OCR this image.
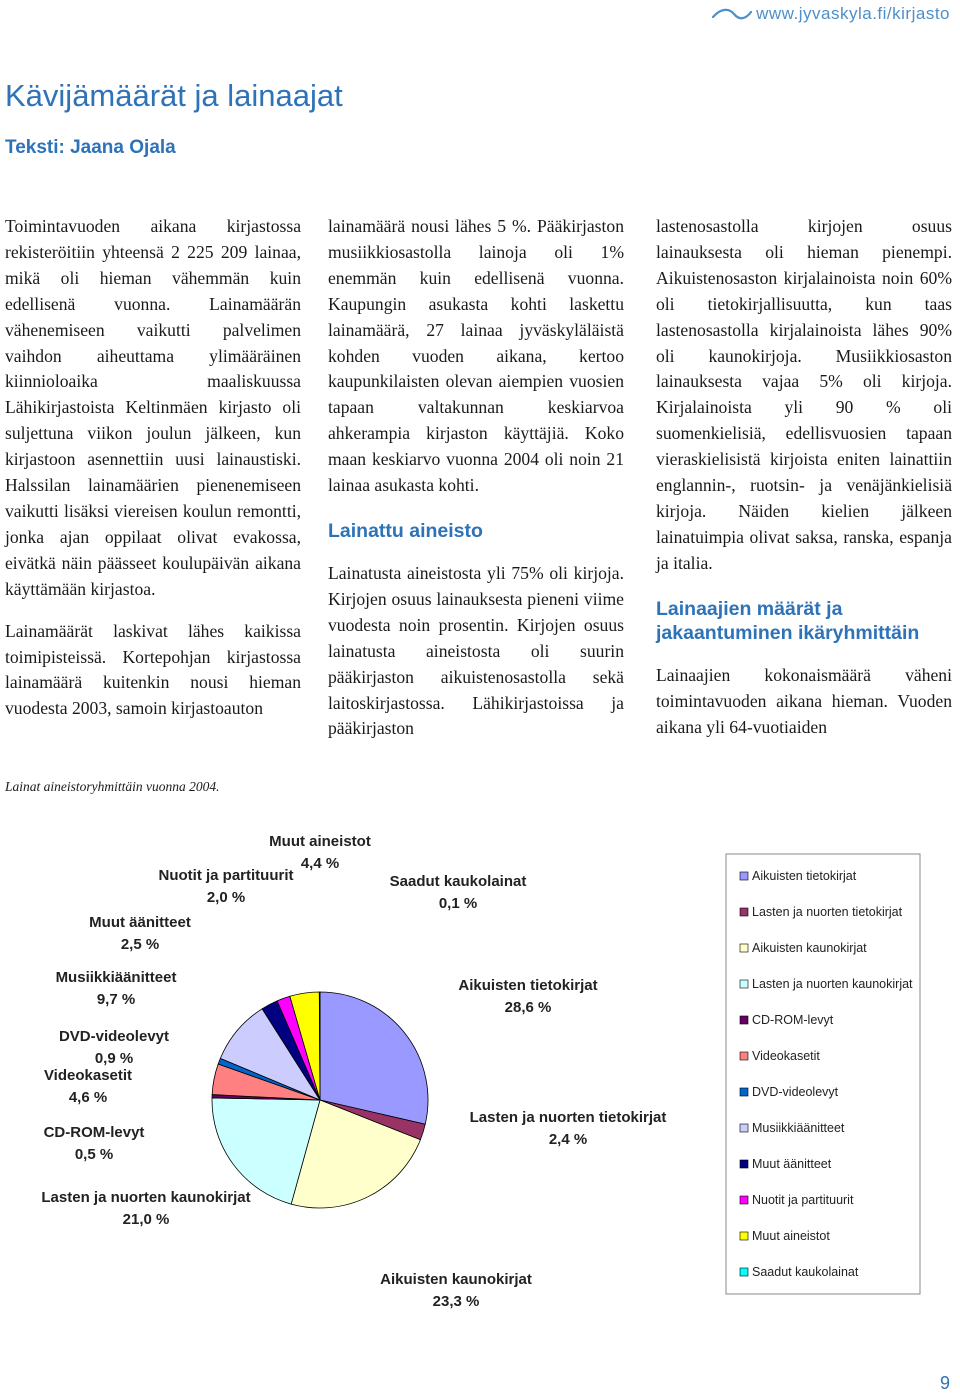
www.jyvaskyla.fi/kirjasto
Kävijämäärät ja lainaajat
Teksti: Jaana Ojala

Toimintavuoden aikana kirjastossa rekisteröitiin yhteensä 2 225 209 lainaa, mikä oli hieman vähemmän kuin edellisenä vuonna. Lainamäärän vähenemiseen vaikutti palvelimen vaihdon aiheuttama ylimääräinen kiinnioloaika maaliskuussa Lähikirjastoista Keltinmäen kirjasto oli suljettuna viikon joulun jälkeen, kun kirjastoon asennettiin uusi lainaustiski. Halssilan lainamäärien pienenemiseen vaikutti lisäksi viereisen koulun remontti, jonka ajan oppilaat olivat evakossa, eivätkä näin päässeet koulupäivän aikana käyttämään kirjastoa.

Lainamäärät laskivat lähes kaikissa toimipisteissä. Kortepohjan kirjastossa lainamäärä kuitenkin nousi hieman vuodesta 2003, samoin kirjastoauton

lainamäärä nousi lähes 5 %. Pääkirjaston musiikkiosastolla lainoja oli 1% enemmän kuin edellisenä vuonna. Kaupungin asukasta kohti laskettu lainamäärä, 27 lainaa jyväskyläläistä kohden vuoden aikana, kertoo kaupunkilaisten olevan aiempien vuosien tapaan valtakunnan keskiarvoa ahkerampia kirjaston käyttäjiä. Koko maan keskiarvo vuonna 2004 oli noin 21 lainaa asukasta kohti.

Lainattu aineisto

Lainatusta aineistosta yli 75% oli kirjoja. Kirjojen osuus lainauksesta pieneni viime vuodesta noin prosentin. Kirjojen osuus lainatusta aineistosta oli suurin pääkirjaston aikuistenosastolla sekä laitoskirjastossa. Lähikirjastoissa ja pääkirjaston

lastenosastolla kirjojen osuus lainauksesta oli hieman pienempi. Aikuistenosaston kirjalainoista noin 60% oli tietokirjallisuutta, kun taas lastenosastolla kirjalainoista lähes 90% oli kaunokirjoja. Musiikkiosaston lainauksesta vajaa 5% oli kirjoja. Kirjalainoista yli 90 % oli suomenkielisiä, edellisvuosien tapaan vieraskielisistä kirjoista eniten lainattiin englannin-, ruotsin- ja venäjänkielisiä kirjoja. Näiden kielien jälkeen lainatuimpia olivat saksa, ranska, espanja ja italia.

Lainaajien määrät ja jakaantuminen ikäryhmittäin

Lainaajien kokonaismäärä väheni toimintavuoden aikana hieman. Vuoden aikana yli 64-vuotiaiden

Lainat aineistoryhmittäin vuonna 2004.

Aikuisten tietokirjat
28,6 %
Lasten ja nuorten tietokirjat
2,4 %
Aikuisten kaunokirjat
23,3 %
Lasten ja nuorten kaunokirjat
21,0 %
CD-ROM-levyt
0,5 %
Videokasetit
4,6 %
DVD-videolevyt
0,9 %
Musiikkiäänitteet
9,7 %
Muut äänitteet
2,5 %
Nuotit ja partituurit
2,0 %
Muut aineistot
4,4 %
Saadut kaukolainat
0,1 %
Aikuisten tietokirjat
Lasten ja nuorten tietokirjat
Aikuisten kaunokirjat
Lasten ja nuorten kaunokirjat
CD-ROM-levyt
Videokasetit
DVD-videolevyt
Musiikkiäänitteet
Muut äänitteet
Nuotit ja partituurit
Muut aineistot
Saadut kaukolainat
9
